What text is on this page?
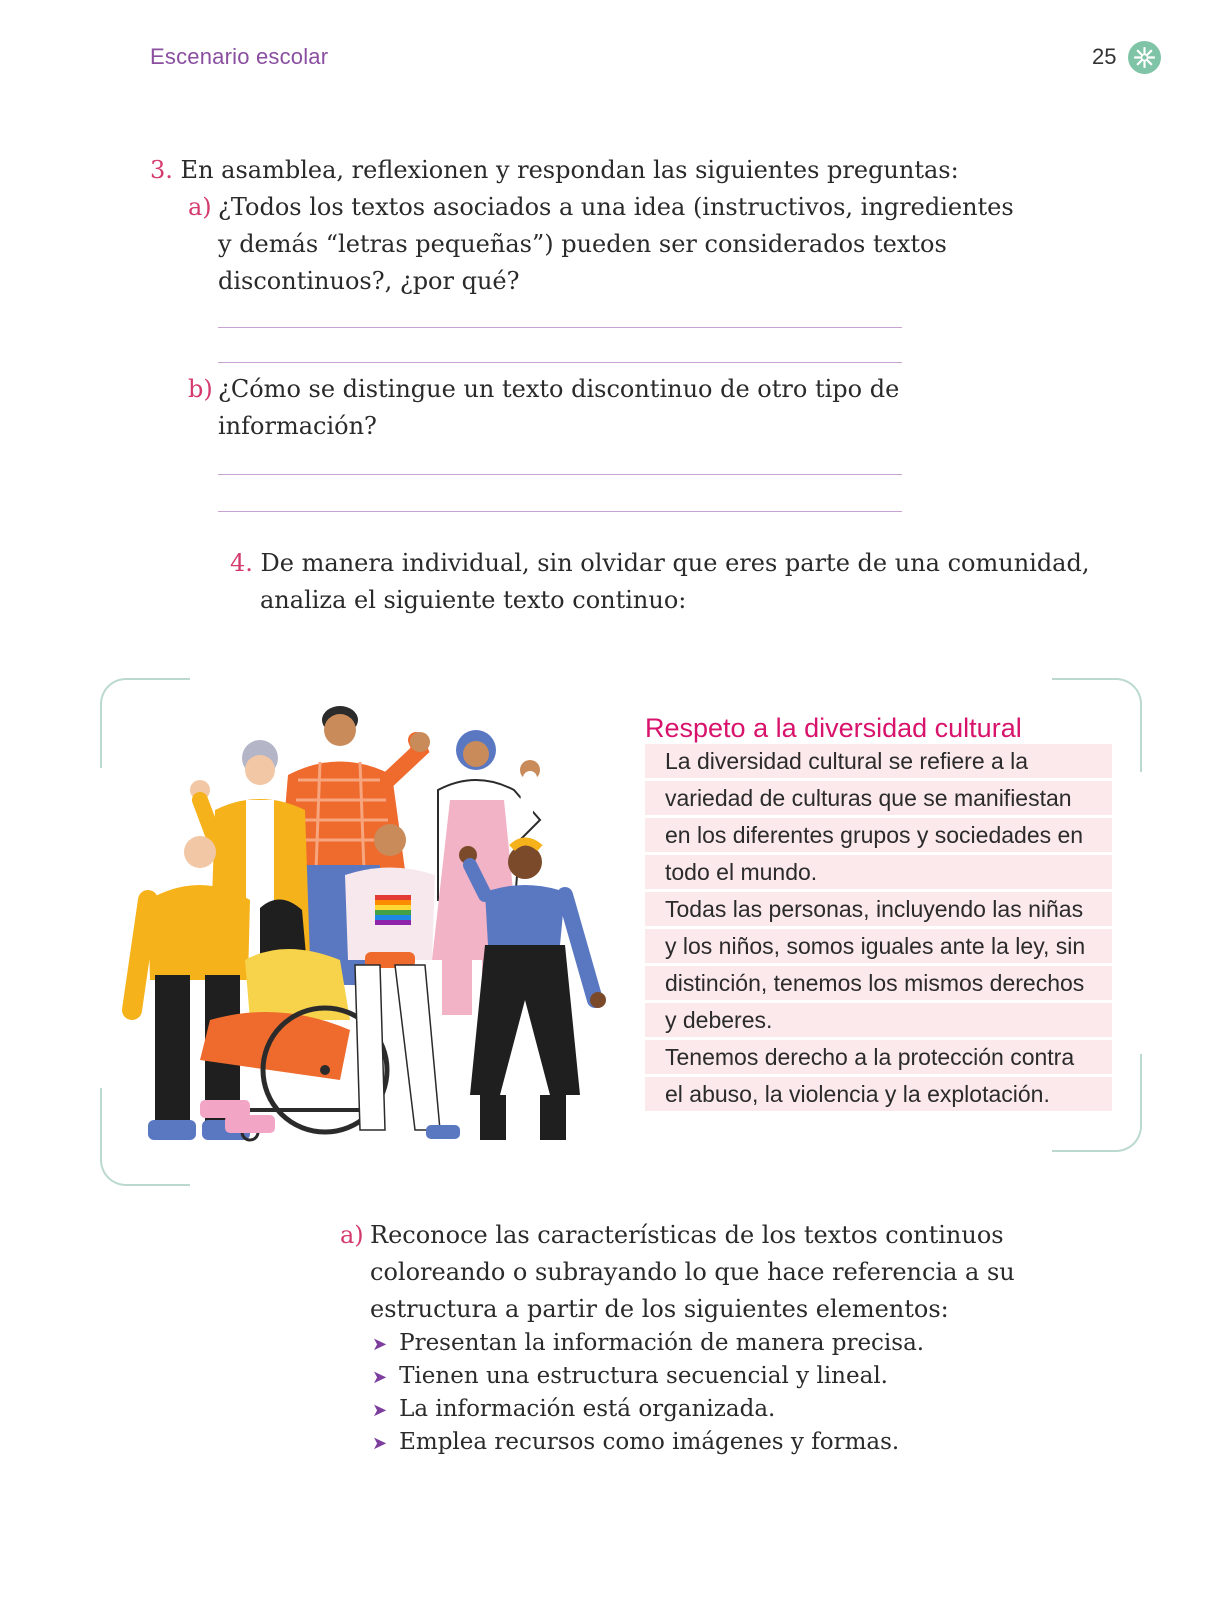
Escenario escolar	25
3. En asamblea, reflexionen y respondan las siguientes preguntas:
a) ¿Todos los textos asociados a una idea (instructivos, ingredientes
y demás “letras pequeñas”) pueden ser considerados textos
discontinuos?, ¿por qué?
b) ¿Cómo se distingue un texto discontinuo de otro tipo de
información?
4. De manera individual, sin olvidar que eres parte de una comunidad,
analiza el siguiente texto continuo:
Respeto a la diversidad cultural
La diversidad cultural se refiere a la
variedad de culturas que se manifiestan
en los diferentes grupos y sociedades en
todo el mundo.
Todas las personas, incluyendo las niñas
y los niños, somos iguales ante la ley, sin
distinción, tenemos los mismos derechos
y deberes.
Tenemos derecho a la protección contra
el abuso, la violencia y la explotación.
a) Reconoce las características de los textos continuos
coloreando o subrayando lo que hace referencia a su
estructura a partir de los siguientes elementos:
➤ Presentan la información de manera precisa.
➤ Tienen una estructura secuencial y lineal.
➤ La información está organizada.
➤ Emplea recursos como imágenes y formas.
